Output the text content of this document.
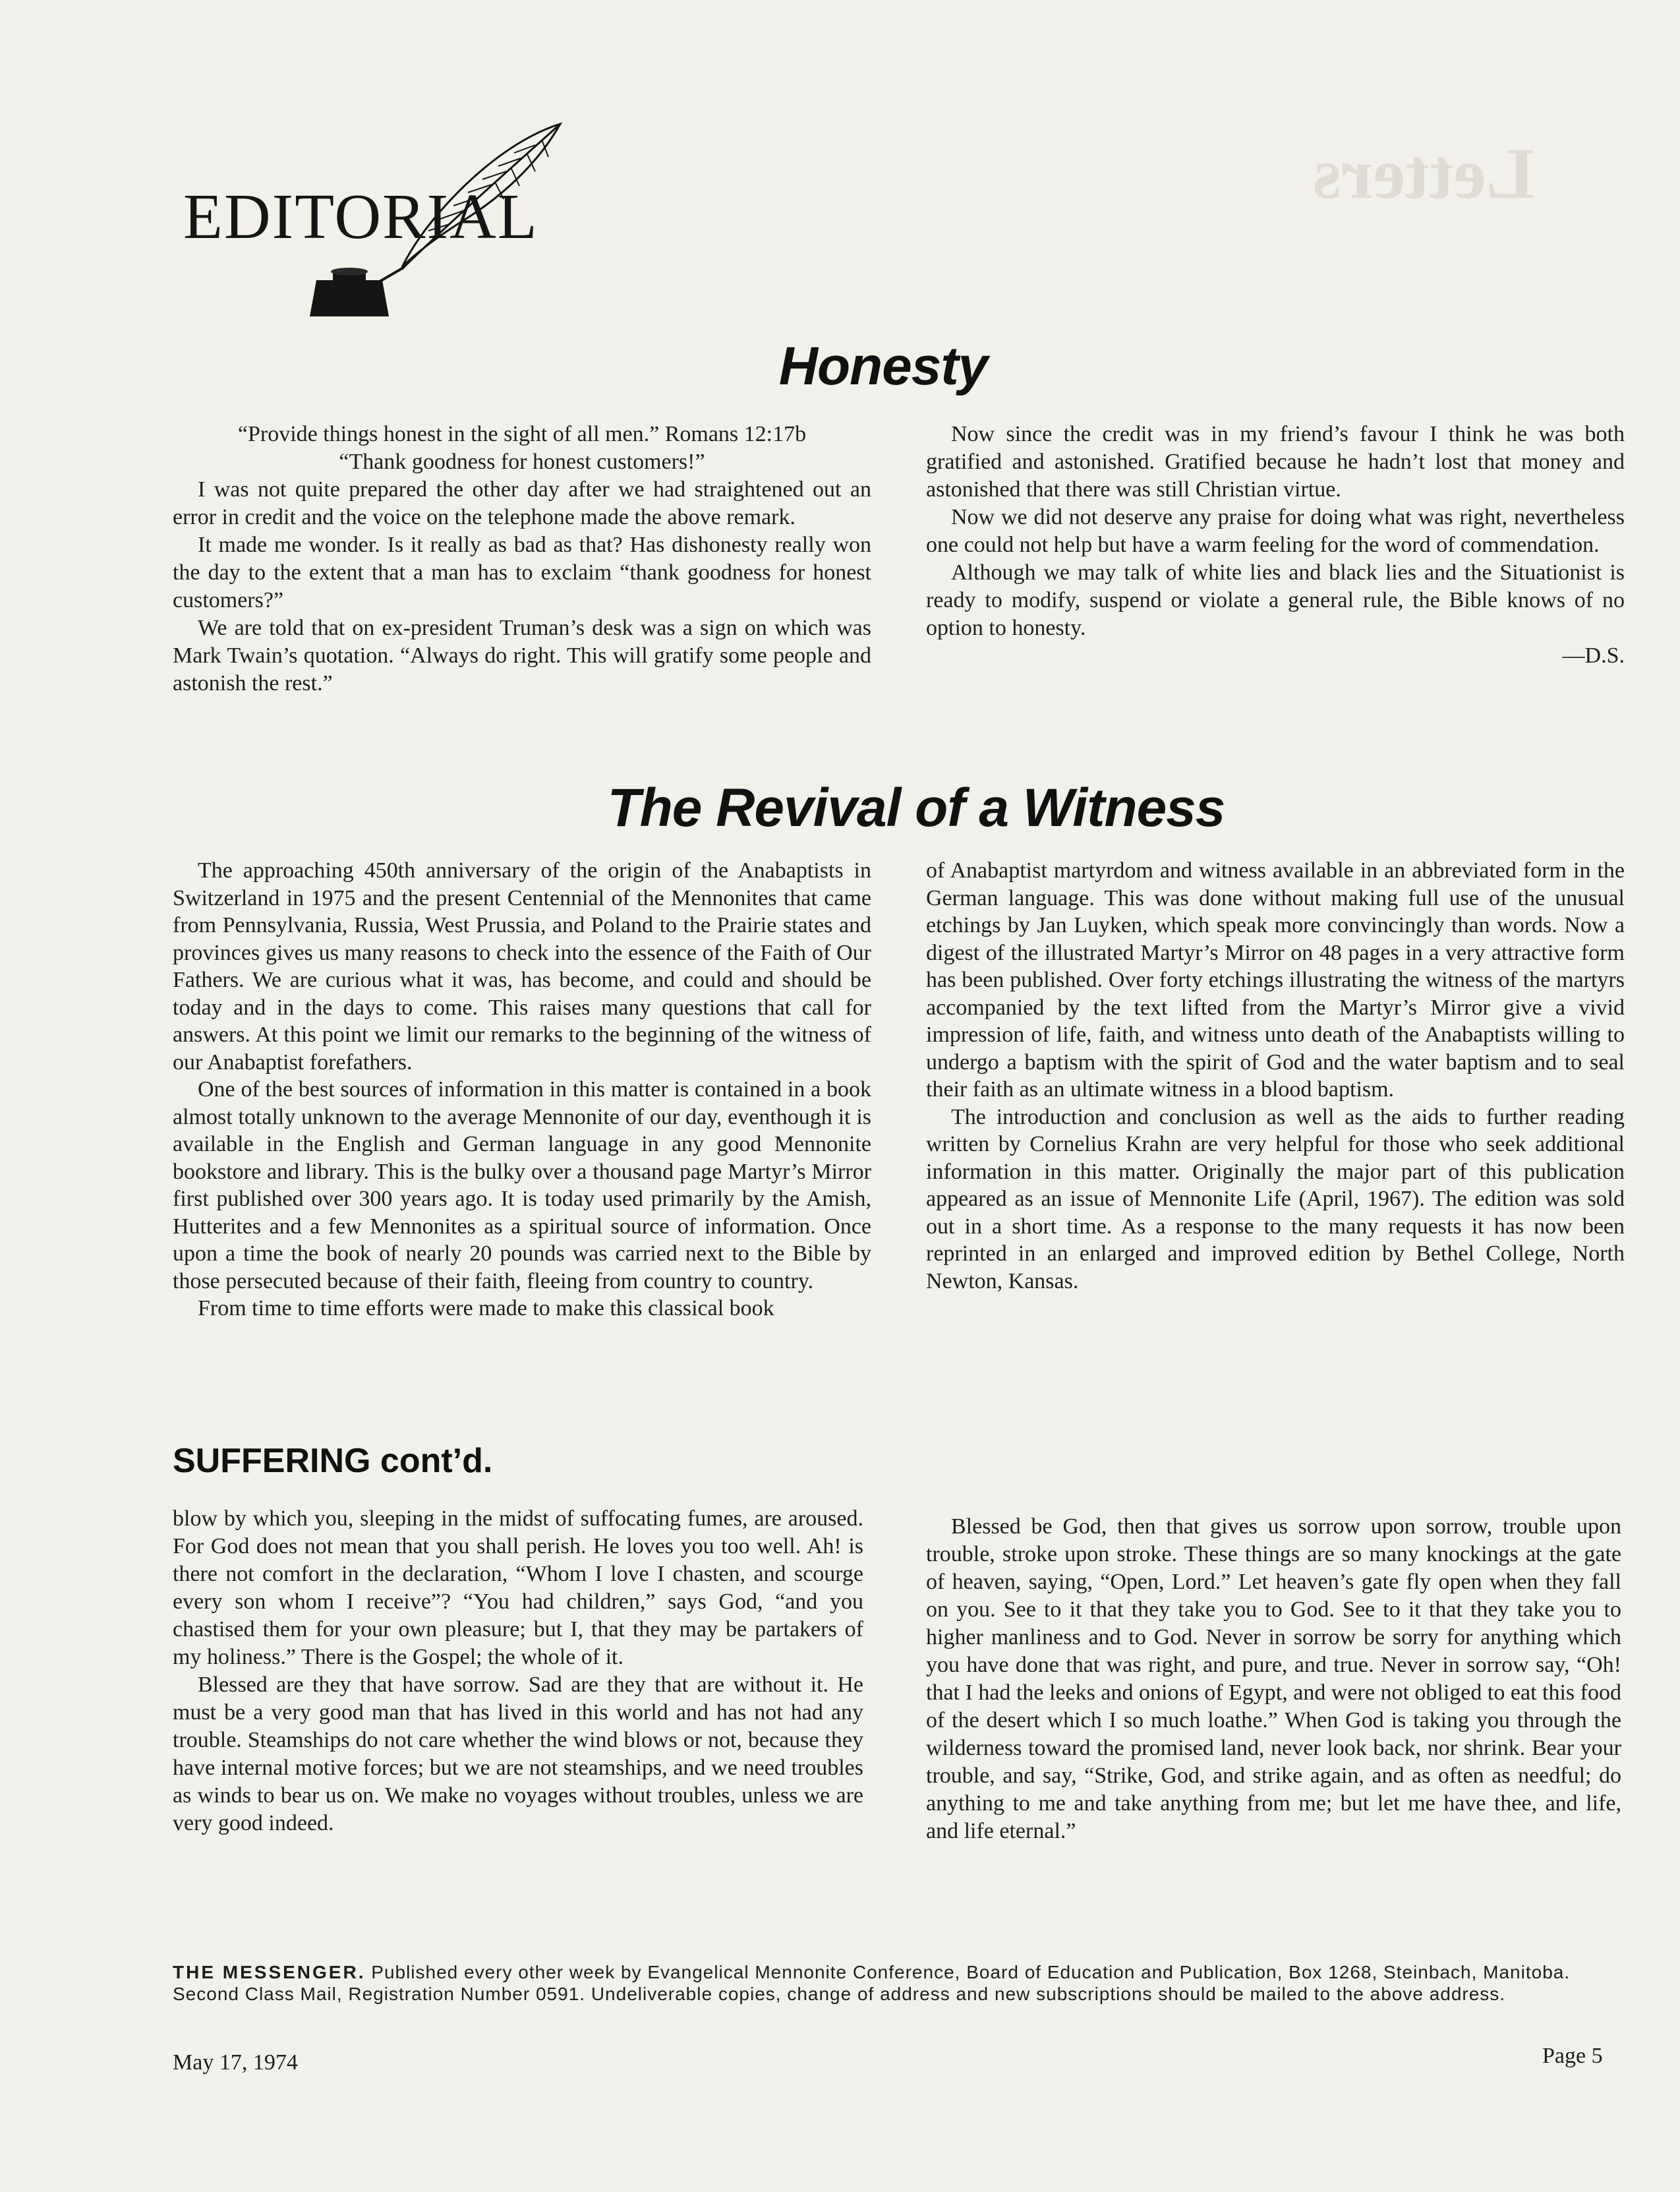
Letters
EDITORIAL
Honesty

“Provide things honest in the sight of all men.” Romans 12:17b

“Thank goodness for honest customers!”

I was not quite prepared the other day after we had straightened out an error in credit and the voice on the telephone made the above remark.

It made me wonder. Is it really as bad as that? Has dishonesty really won the day to the extent that a man has to exclaim “thank goodness for honest customers?”

We are told that on ex-president Truman’s desk was a sign on which was Mark Twain’s quotation. “Always do right. This will gratify some people and astonish the rest.”

Now since the credit was in my friend’s favour I think he was both gratified and astonished. Gratified because he hadn’t lost that money and astonished that there was still Christian virtue.

Now we did not deserve any praise for doing what was right, nevertheless one could not help but have a warm feeling for the word of commendation.

Although we may talk of white lies and black lies and the Situationist is ready to modify, suspend or violate a general rule, the Bible knows of no option to honesty.

—D.S.

The Revival of a Witness

The approaching 450th anniversary of the origin of the Anabaptists in Switzerland in 1975 and the present Centennial of the Mennonites that came from Pennsylvania, Russia, West Prussia, and Poland to the Prairie states and provinces gives us many reasons to check into the essence of the Faith of Our Fathers. We are curious what it was, has become, and could and should be today and in the days to come. This raises many questions that call for answers. At this point we limit our remarks to the beginning of the witness of our Anabaptist forefathers.

One of the best sources of information in this matter is contained in a book almost totally unknown to the average Mennonite of our day, eventhough it is available in the English and German language in any good Mennonite bookstore and library. This is the bulky over a thousand page Martyr’s Mirror first published over 300 years ago. It is today used primarily by the Amish, Hutterites and a few Mennonites as a spiritual source of information. Once upon a time the book of nearly 20 pounds was carried next to the Bible by those persecuted because of their faith, fleeing from country to country.

From time to time efforts were made to make this classical book

of Anabaptist martyrdom and witness available in an abbreviated form in the German language. This was done without making full use of the unusual etchings by Jan Luyken, which speak more convincingly than words. Now a digest of the illustrated Martyr’s Mirror on 48 pages in a very attractive form has been published. Over forty etchings illustrating the witness of the martyrs accompanied by the text lifted from the Martyr’s Mirror give a vivid impression of life, faith, and witness unto death of the Anabaptists willing to undergo a baptism with the spirit of God and the water baptism and to seal their faith as an ultimate witness in a blood baptism.

The introduction and conclusion as well as the aids to further reading written by Cornelius Krahn are very helpful for those who seek additional information in this matter. Originally the major part of this publication appeared as an issue of Mennonite Life (April, 1967). The edition was sold out in a short time. As a response to the many requests it has now been reprinted in an enlarged and improved edition by Bethel College, North Newton, Kansas.

SUFFERING cont’d.

blow by which you, sleeping in the midst of suffocating fumes, are aroused. For God does not mean that you shall perish. He loves you too well. Ah! is there not comfort in the declaration, “Whom I love I chasten, and scourge every son whom I receive”? “You had children,” says God, “and you chastised them for your own pleasure; but I, that they may be partakers of my holiness.” There is the Gospel; the whole of it.

Blessed are they that have sorrow. Sad are they that are without it. He must be a very good man that has lived in this world and has not had any trouble. Steamships do not care whether the wind blows or not, because they have internal motive forces; but we are not steamships, and we need troubles as winds to bear us on. We make no voyages without troubles, unless we are very good indeed.

Blessed be God, then that gives us sorrow upon sorrow, trouble upon trouble, stroke upon stroke. These things are so many knockings at the gate of heaven, saying, “Open, Lord.” Let heaven’s gate fly open when they fall on you. See to it that they take you to God. See to it that they take you to higher manliness and to God. Never in sorrow be sorry for anything which you have done that was right, and pure, and true. Never in sorrow say, “Oh! that I had the leeks and onions of Egypt, and were not obliged to eat this food of the desert which I so much loathe.” When God is taking you through the wilderness toward the promised land, never look back, nor shrink. Bear your trouble, and say, “Strike, God, and strike again, and as often as needful; do anything to me and take anything from me; but let me have thee, and life, and life eternal.”

THE MESSENGER. Published every other week by Evangelical Mennonite Conference, Board of Education and Publication, Box 1268, Steinbach, Manitoba. Second Class Mail, Registration Number 0591. Undeliverable copies, change of address and new subscriptions should be mailed to the above address.
May 17, 1974	Page 5
